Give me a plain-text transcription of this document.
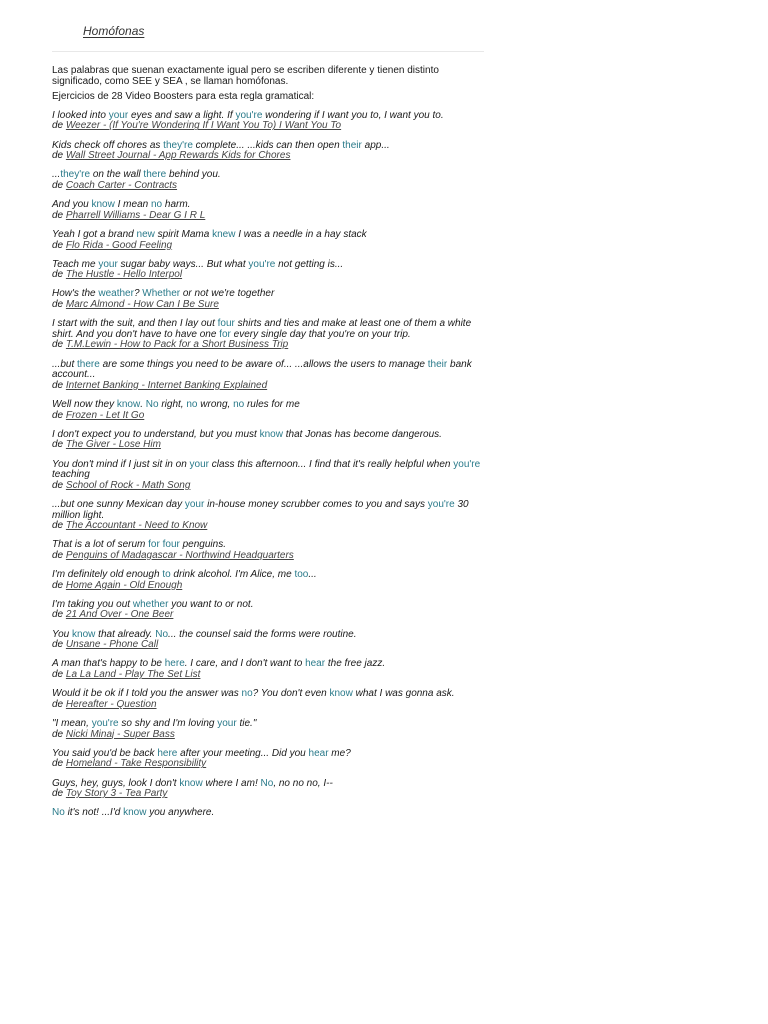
Homófonas

Las palabras que suenan exactamente igual pero se escriben diferente y tienen distinto significado, como SEE y SEA , se llaman homófonas.

Ejercicios de 28 Video Boosters para esta regla gramatical:

I looked into your eyes and saw a light. If you're wondering if I want you to, I want you to.
de Weezer - (If You're Wondering If I Want You To) I Want You To
Kids check off chores as they're complete... ...kids can then open their app...
de Wall Street Journal - App Rewards Kids for Chores
...they're on the wall there behind you.
de Coach Carter - Contracts
And you know I mean no harm.
de Pharrell Williams - Dear G I R L
Yeah I got a brand new spirit Mama knew I was a needle in a hay stack
de Flo Rida - Good Feeling
Teach me your sugar baby ways... But what you're not getting is...
de The Hustle - Hello Interpol
How's the weather? Whether or not we're together
de Marc Almond - How Can I Be Sure
I start with the suit, and then I lay out four shirts and ties and make at least one of them a white shirt. And you don't have to have one for every single day that you're on your trip.
de T.M.Lewin - How to Pack for a Short Business Trip
...but there are some things you need to be aware of... ...allows the users to manage their bank account...
de Internet Banking - Internet Banking Explained
Well now they know. No right, no wrong, no rules for me
de Frozen - Let It Go
I don't expect you to understand, but you must know that Jonas has become dangerous.
de The Giver - Lose Him
You don't mind if I just sit in on your class this afternoon... I find that it's really helpful when you're teaching
de School of Rock - Math Song
...but one sunny Mexican day your in-house money scrubber comes to you and says you're 30 million light.
de The Accountant - Need to Know
That is a lot of serum for four penguins.
de Penguins of Madagascar - Northwind Headquarters
I'm definitely old enough to drink alcohol. I'm Alice, me too...
de Home Again - Old Enough
I'm taking you out whether you want to or not.
de 21 And Over - One Beer
You know that already. No... the counsel said the forms were routine.
de Unsane - Phone Call
A man that's happy to be here. I care, and I don't want to hear the free jazz.
de La La Land - Play The Set List
Would it be ok if I told you the answer was no? You don't even know what I was gonna ask.
de Hereafter - Question
"I mean, you're so shy and I'm loving your tie."
de Nicki Minaj - Super Bass
You said you'd be back here after your meeting... Did you hear me?
de Homeland - Take Responsibility
Guys, hey, guys, look I don't know where I am! No, no no no, I--
de Toy Story 3 - Tea Party
No it's not! ...I'd know you anywhere.
